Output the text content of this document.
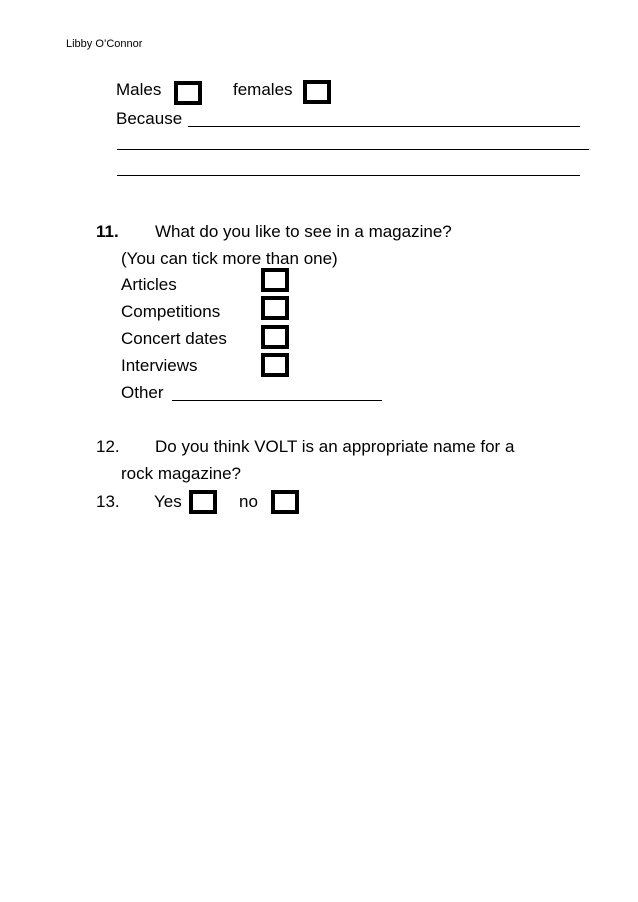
Libby O’Connor
Males	females
Because
11. What do you like to see in a magazine?
(You can tick more than one)
Articles
Competitions
Concert dates
Interviews
Other
12. Do you think VOLT is an appropriate name for a
rock magazine?
13. Yes	no
